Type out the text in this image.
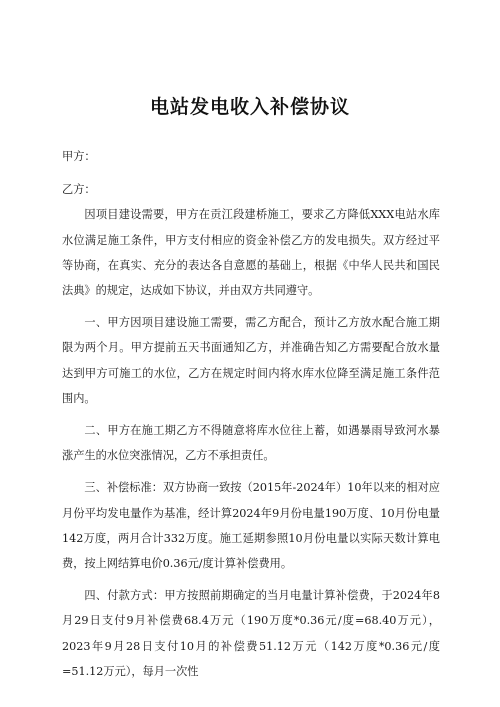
电站发电收入补偿协议

甲方：

乙方：

因项目建设需要，甲方在贡江段建桥施工，要求乙方降低XXX电站水库水位满足施工条件，甲方支付相应的资金补偿乙方的发电损失。双方经过平等协商，在真实、充分的表达各自意愿的基础上，根据《中华人民共和国民法典》的规定，达成如下协议，并由双方共同遵守。

一、甲方因项目建设施工需要，需乙方配合，预计乙方放水配合施工期限为两个月。甲方提前五天书面通知乙方，并准确告知乙方需要配合放水量达到甲方可施工的水位，乙方在规定时间内将水库水位降至满足施工条件范围内。

二、甲方在施工期乙方不得随意将库水位往上蓄，如遇暴雨导致河水暴涨产生的水位突涨情况，乙方不承担责任。

三、补偿标准：双方协商一致按（2015年-2024年）10年以来的相对应月份平均发电量作为基准，经计算2024年9月份电量190万度、10月份电量142万度，两月合计332万度。施工延期参照10月份电量以实际天数计算电费，按上网结算电价0.36元/度计算补偿费用。

四、付款方式：甲方按照前期确定的当月电量计算补偿费，于2024年8月29日支付9月补偿费68.4万元（190万度*0.36元/度=68.40万元），2023年9月28日支付10月的补偿费51.12万元（142万度*0.36元/度=51.12万元），每月一次性
